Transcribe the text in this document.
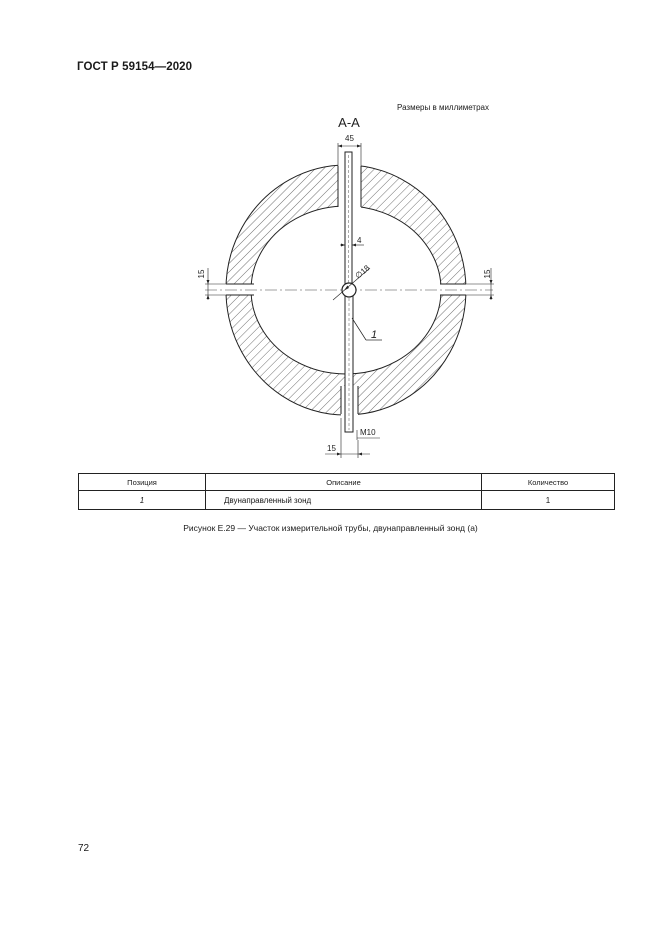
ГОСТ Р 59154—2020
Размеры в миллиметрах
45
А-А
4
∅18
15	15
1
M10
15
Позиция	Описание	Количество
1	Двунаправленный зонд	1
Рисунок Е.29 — Участок измерительной трубы, двунаправленный зонд (а)
72
